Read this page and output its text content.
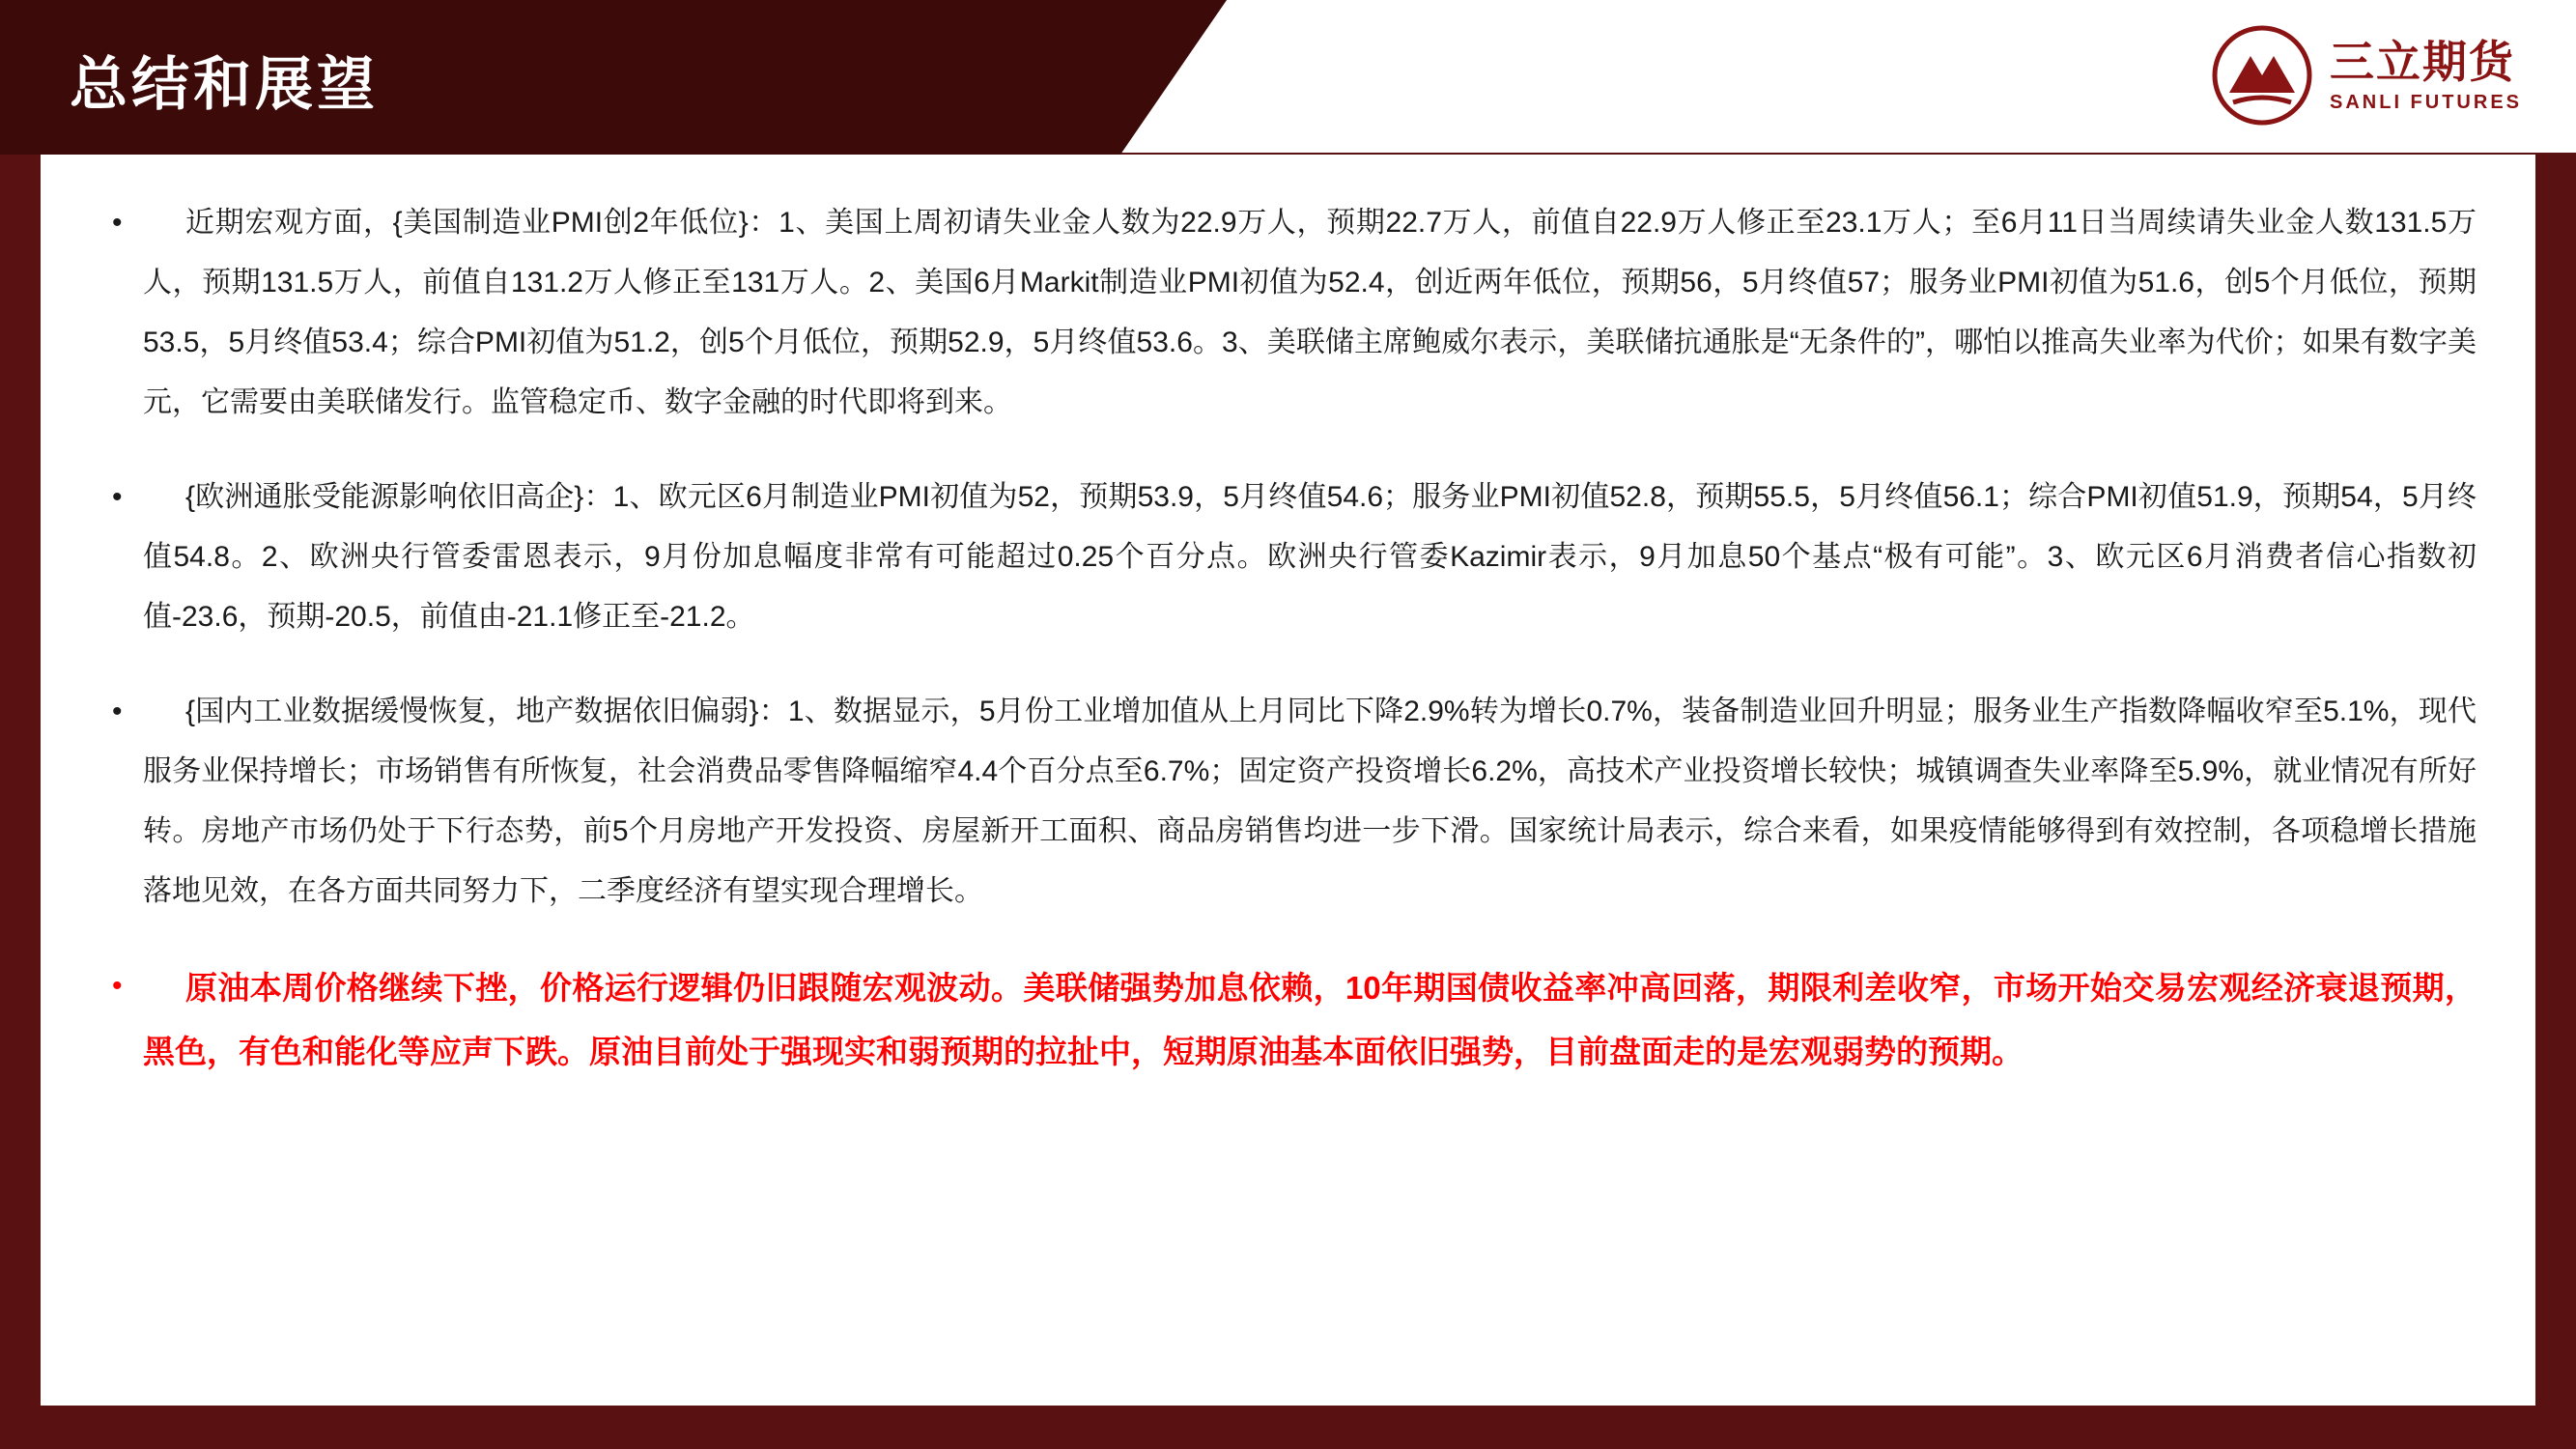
总结和展望	三立期货
SANLI FUTURES
•	近期宏观方面，{美国制造业PMI创2年低位}：1、美国上周初请失业金人数为22.9万人，预期22.7万人，前值自22.9万人修正至23.1万人；至6月11日当周续请失业金人数131.5万人，预期131.5万人，前值自131.2万人修正至131万人。2、美国6月Markit制造业PMI初值为52.4，创近两年低位，预期56，5月终值57；服务业PMI初值为51.6，创5个月低位，预期53.5，5月终值53.4；综合PMI初值为51.2，创5个月低位，预期52.9，5月终值53.6。3、美联储主席鲍威尔表示，美联储抗通胀是“无条件的”，哪怕以推高失业率为代价；如果有数字美元，它需要由美联储发行。监管稳定币、数字金融的时代即将到来。
•	{欧洲通胀受能源影响依旧高企}：1、欧元区6月制造业PMI初值为52，预期53.9，5月终值54.6；服务业PMI初值52.8，预期55.5，5月终值56.1；综合PMI初值51.9，预期54，5月终值54.8。2、欧洲央行管委雷恩表示，9月份加息幅度非常有可能超过0.25个百分点。欧洲央行管委Kazimir表示，9月加息50个基点“极有可能”。3、欧元区6月消费者信心指数初值-23.6，预期-20.5，前值由-21.1修正至-21.2。
•	{国内工业数据缓慢恢复，地产数据依旧偏弱}：1、数据显示，5月份工业增加值从上月同比下降2.9%转为增长0.7%，装备制造业回升明显；服务业生产指数降幅收窄至5.1%，现代服务业保持增长；市场销售有所恢复，社会消费品零售降幅缩窄4.4个百分点至6.7%；固定资产投资增长6.2%，高技术产业投资增长较快；城镇调查失业率降至5.9%，就业情况有所好转。房地产市场仍处于下行态势，前5个月房地产开发投资、房屋新开工面积、商品房销售均进一步下滑。国家统计局表示，综合来看，如果疫情能够得到有效控制，各项稳增长措施落地见效，在各方面共同努力下，二季度经济有望实现合理增长。
•	原油本周价格继续下挫，价格运行逻辑仍旧跟随宏观波动。美联储强势加息依赖，10年期国债收益率冲高回落，期限利差收窄，市场开始交易宏观经济衰退预期，黑色，有色和能化等应声下跌。原油目前处于强现实和弱预期的拉扯中，短期原油基本面依旧强势，目前盘面走的是宏观弱势的预期。
